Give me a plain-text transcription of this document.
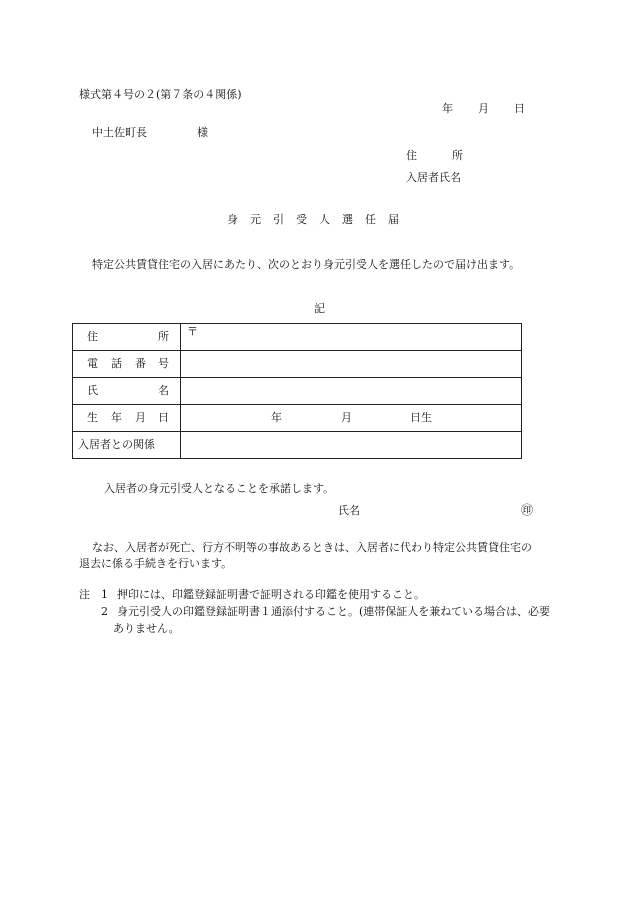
様式第４号の２(第７条の４関係)
年 月 日
中土佐町長	様
住	所
入居者氏名
身 元 引 受 人 選 任 届
特定公共賃貸住宅の入居にあたり、次のとおり身元引受人を選任したので届け出ます。
記
住 所	〒

電 話 番 号	

氏 名	

生 年 月 日	年 月 日生

入居者との関係	

入居者の身元引受人となることを承諾します。
氏名	㊞
なお、入居者が死亡、行方不明等の事故あるときは、入居者に代わり特定公共賃貸住宅の
退去に係る手続きを行います。
注 1 押印には、印鑑登録証明書で証明される印鑑を使用すること。
2 身元引受人の印鑑登録証明書１通添付すること。(連帯保証人を兼ねている場合は、必要
ありません。
